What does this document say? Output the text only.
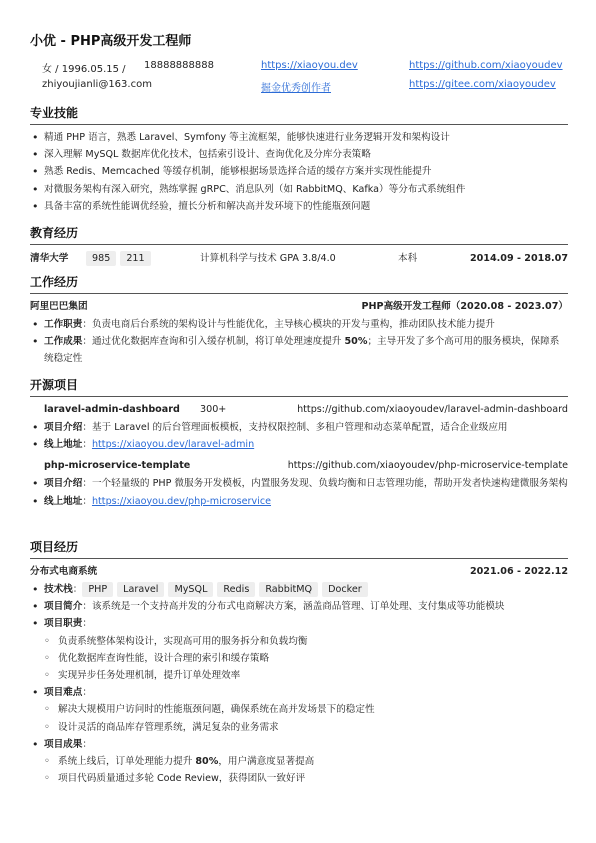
小优 - PHP高级开发工程师
女 / 1996.05.15 / 18888888888	https://xiaoyou.dev	https://github.com/xiaoyoudev
zhiyoujianli@163.com	掘金优秀创作者	https://gitee.com/xiaoyoudev
专业技能
• 精通 PHP 语言，熟悉 Laravel、Symfony 等主流框架，能够快速进行业务逻辑开发和架构设计
• 深入理解 MySQL 数据库优化技术，包括索引设计、查询优化及分库分表策略
• 熟悉 Redis、Memcached 等缓存机制，能够根据场景选择合适的缓存方案并实现性能提升
• 对微服务架构有深入研究，熟练掌握 gRPC、消息队列（如 RabbitMQ、Kafka）等分布式系统组件
• 具备丰富的系统性能调优经验，擅长分析和解决高并发环境下的性能瓶颈问题
教育经历
清华大学	985 211	计算机科学与技术 GPA 3.8/4.0	本科	2014.09 - 2018.07
工作经历
阿里巴巴集团	PHP高级开发工程师（2020.08 - 2023.07）
• 工作职责：负责电商后台系统的架构设计与性能优化，主导核心模块的开发与重构，推动团队技术能力提升
• 工作成果：通过优化数据库查询和引入缓存机制，将订单处理速度提升 50%；主导开发了多个高可用的服务模块，保障系统稳定性
开源项目
laravel-admin-dashboard 300+	https://github.com/xiaoyoudev/laravel-admin-dashboard
• 项目介绍：基于 Laravel 的后台管理面板模板，支持权限控制、多租户管理和动态菜单配置，适合企业级应用
• 线上地址：https://xiaoyou.dev/laravel-admin
php-microservice-template	https://github.com/xiaoyoudev/php-microservice-template
• 项目介绍：一个轻量级的 PHP 微服务开发模板，内置服务发现、负载均衡和日志管理功能，帮助开发者快速构建微服务架构
• 线上地址：https://xiaoyou.dev/php-microservice
项目经历
分布式电商系统	2021.06 - 2022.12
• 技术栈： PHP Laravel MySQL Redis RabbitMQ Docker
• 项目简介：该系统是一个支持高并发的分布式电商解决方案，涵盖商品管理、订单处理、支付集成等功能模块
• 项目职责：
◦ 负责系统整体架构设计，实现高可用的服务拆分和负载均衡
◦ 优化数据库查询性能，设计合理的索引和缓存策略
◦ 实现异步任务处理机制，提升订单处理效率
• 项目难点：
◦ 解决大规模用户访问时的性能瓶颈问题，确保系统在高并发场景下的稳定性
◦ 设计灵活的商品库存管理系统，满足复杂的业务需求
• 项目成果：
◦ 系统上线后，订单处理能力提升 80%，用户满意度显著提高
◦ 项目代码质量通过多轮 Code Review，获得团队一致好评
